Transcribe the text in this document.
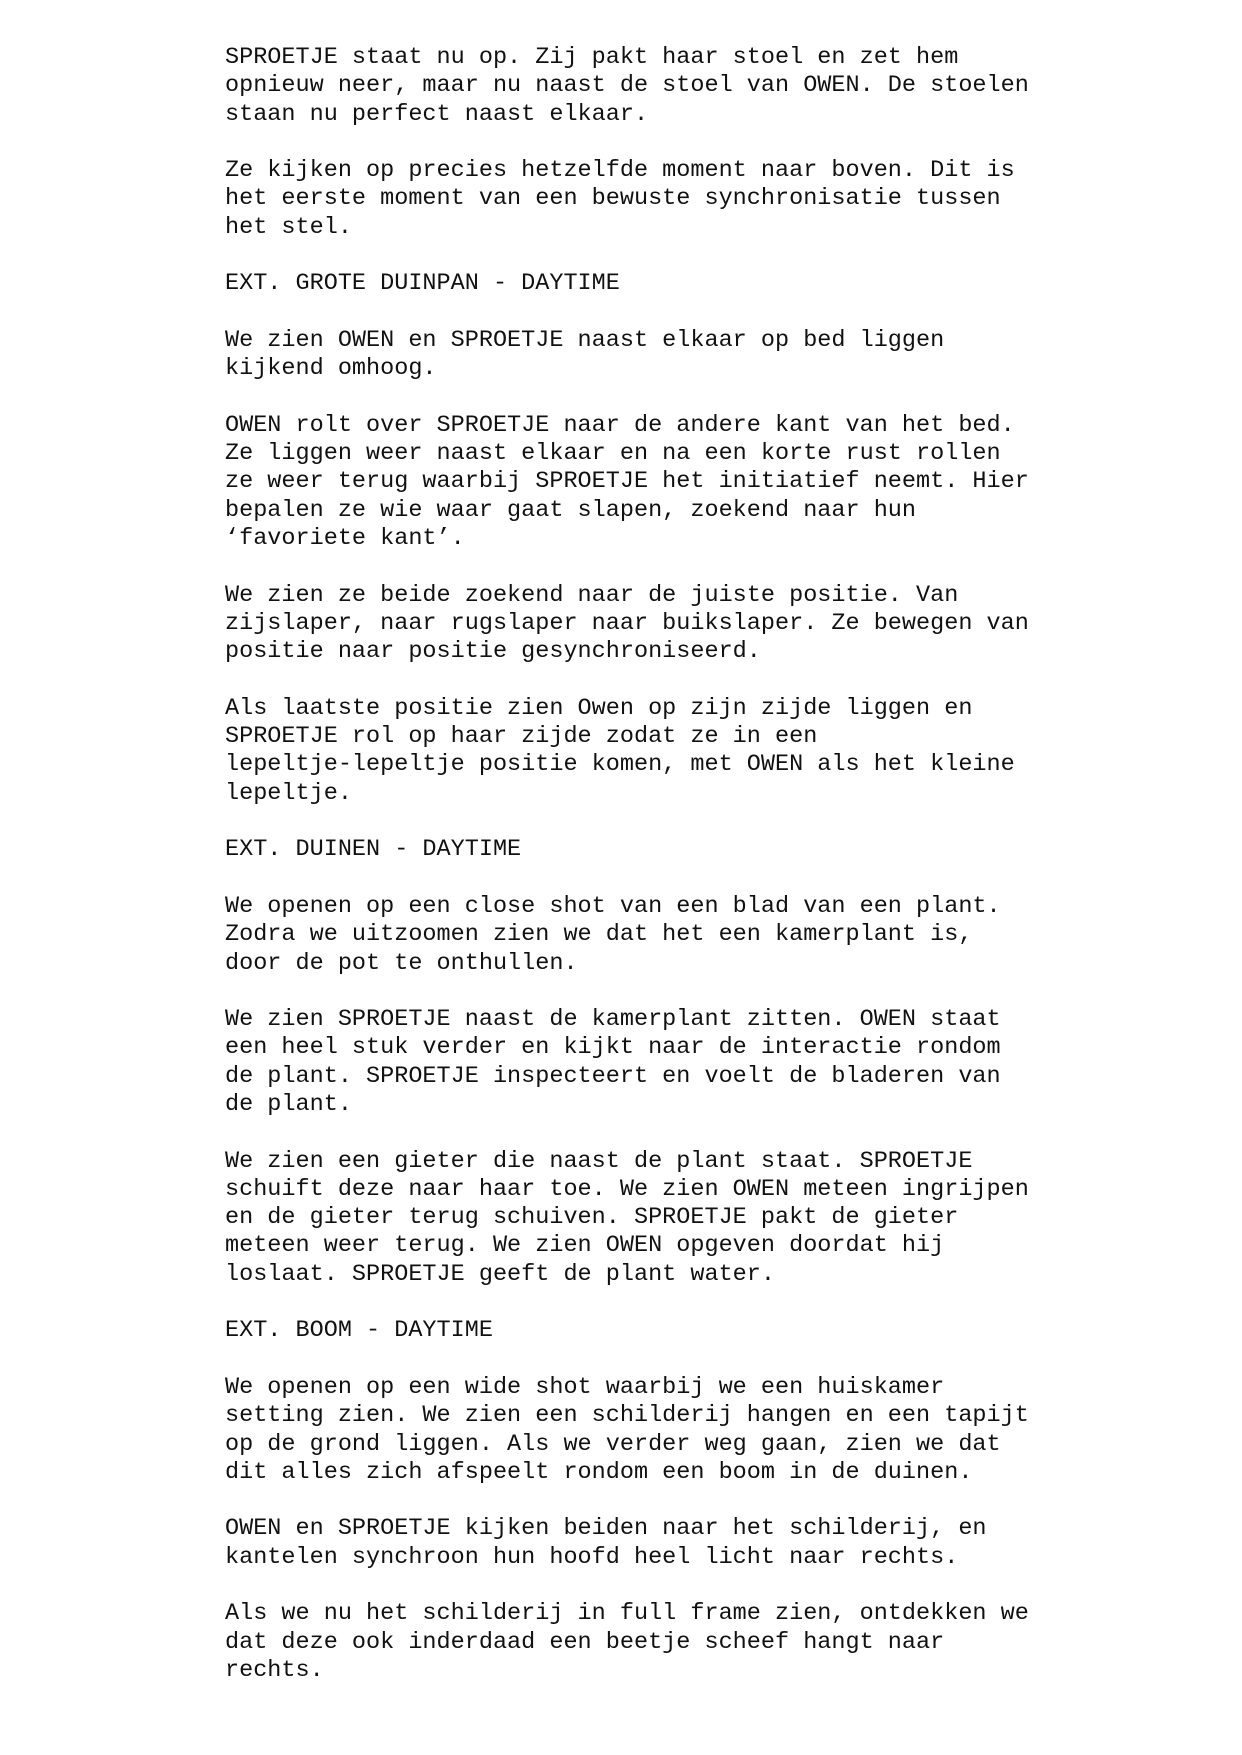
SPROETJE staat nu op. Zij pakt haar stoel en zet hem
opnieuw neer, maar nu naast de stoel van OWEN. De stoelen
staan nu perfect naast elkaar.

Ze kijken op precies hetzelfde moment naar boven. Dit is
het eerste moment van een bewuste synchronisatie tussen
het stel.

EXT. GROTE DUINPAN - DAYTIME

We zien OWEN en SPROETJE naast elkaar op bed liggen
kijkend omhoog.

OWEN rolt over SPROETJE naar de andere kant van het bed.
Ze liggen weer naast elkaar en na een korte rust rollen
ze weer terug waarbij SPROETJE het initiatief neemt. Hier
bepalen ze wie waar gaat slapen, zoekend naar hun
‘favoriete kant’.

We zien ze beide zoekend naar de juiste positie. Van
zijslaper, naar rugslaper naar buikslaper. Ze bewegen van
positie naar positie gesynchroniseerd.

Als laatste positie zien Owen op zijn zijde liggen en
SPROETJE rol op haar zijde zodat ze in een
lepeltje-lepeltje positie komen, met OWEN als het kleine
lepeltje.

EXT. DUINEN - DAYTIME

We openen op een close shot van een blad van een plant.
Zodra we uitzoomen zien we dat het een kamerplant is,
door de pot te onthullen.

We zien SPROETJE naast de kamerplant zitten. OWEN staat
een heel stuk verder en kijkt naar de interactie rondom
de plant. SPROETJE inspecteert en voelt de bladeren van
de plant.

We zien een gieter die naast de plant staat. SPROETJE
schuift deze naar haar toe. We zien OWEN meteen ingrijpen
en de gieter terug schuiven. SPROETJE pakt de gieter
meteen weer terug. We zien OWEN opgeven doordat hij
loslaat. SPROETJE geeft de plant water.

EXT. BOOM - DAYTIME

We openen op een wide shot waarbij we een huiskamer
setting zien. We zien een schilderij hangen en een tapijt
op de grond liggen. Als we verder weg gaan, zien we dat
dit alles zich afspeelt rondom een boom in de duinen.

OWEN en SPROETJE kijken beiden naar het schilderij, en
kantelen synchroon hun hoofd heel licht naar rechts.

Als we nu het schilderij in full frame zien, ontdekken we
dat deze ook inderdaad een beetje scheef hangt naar
rechts.
